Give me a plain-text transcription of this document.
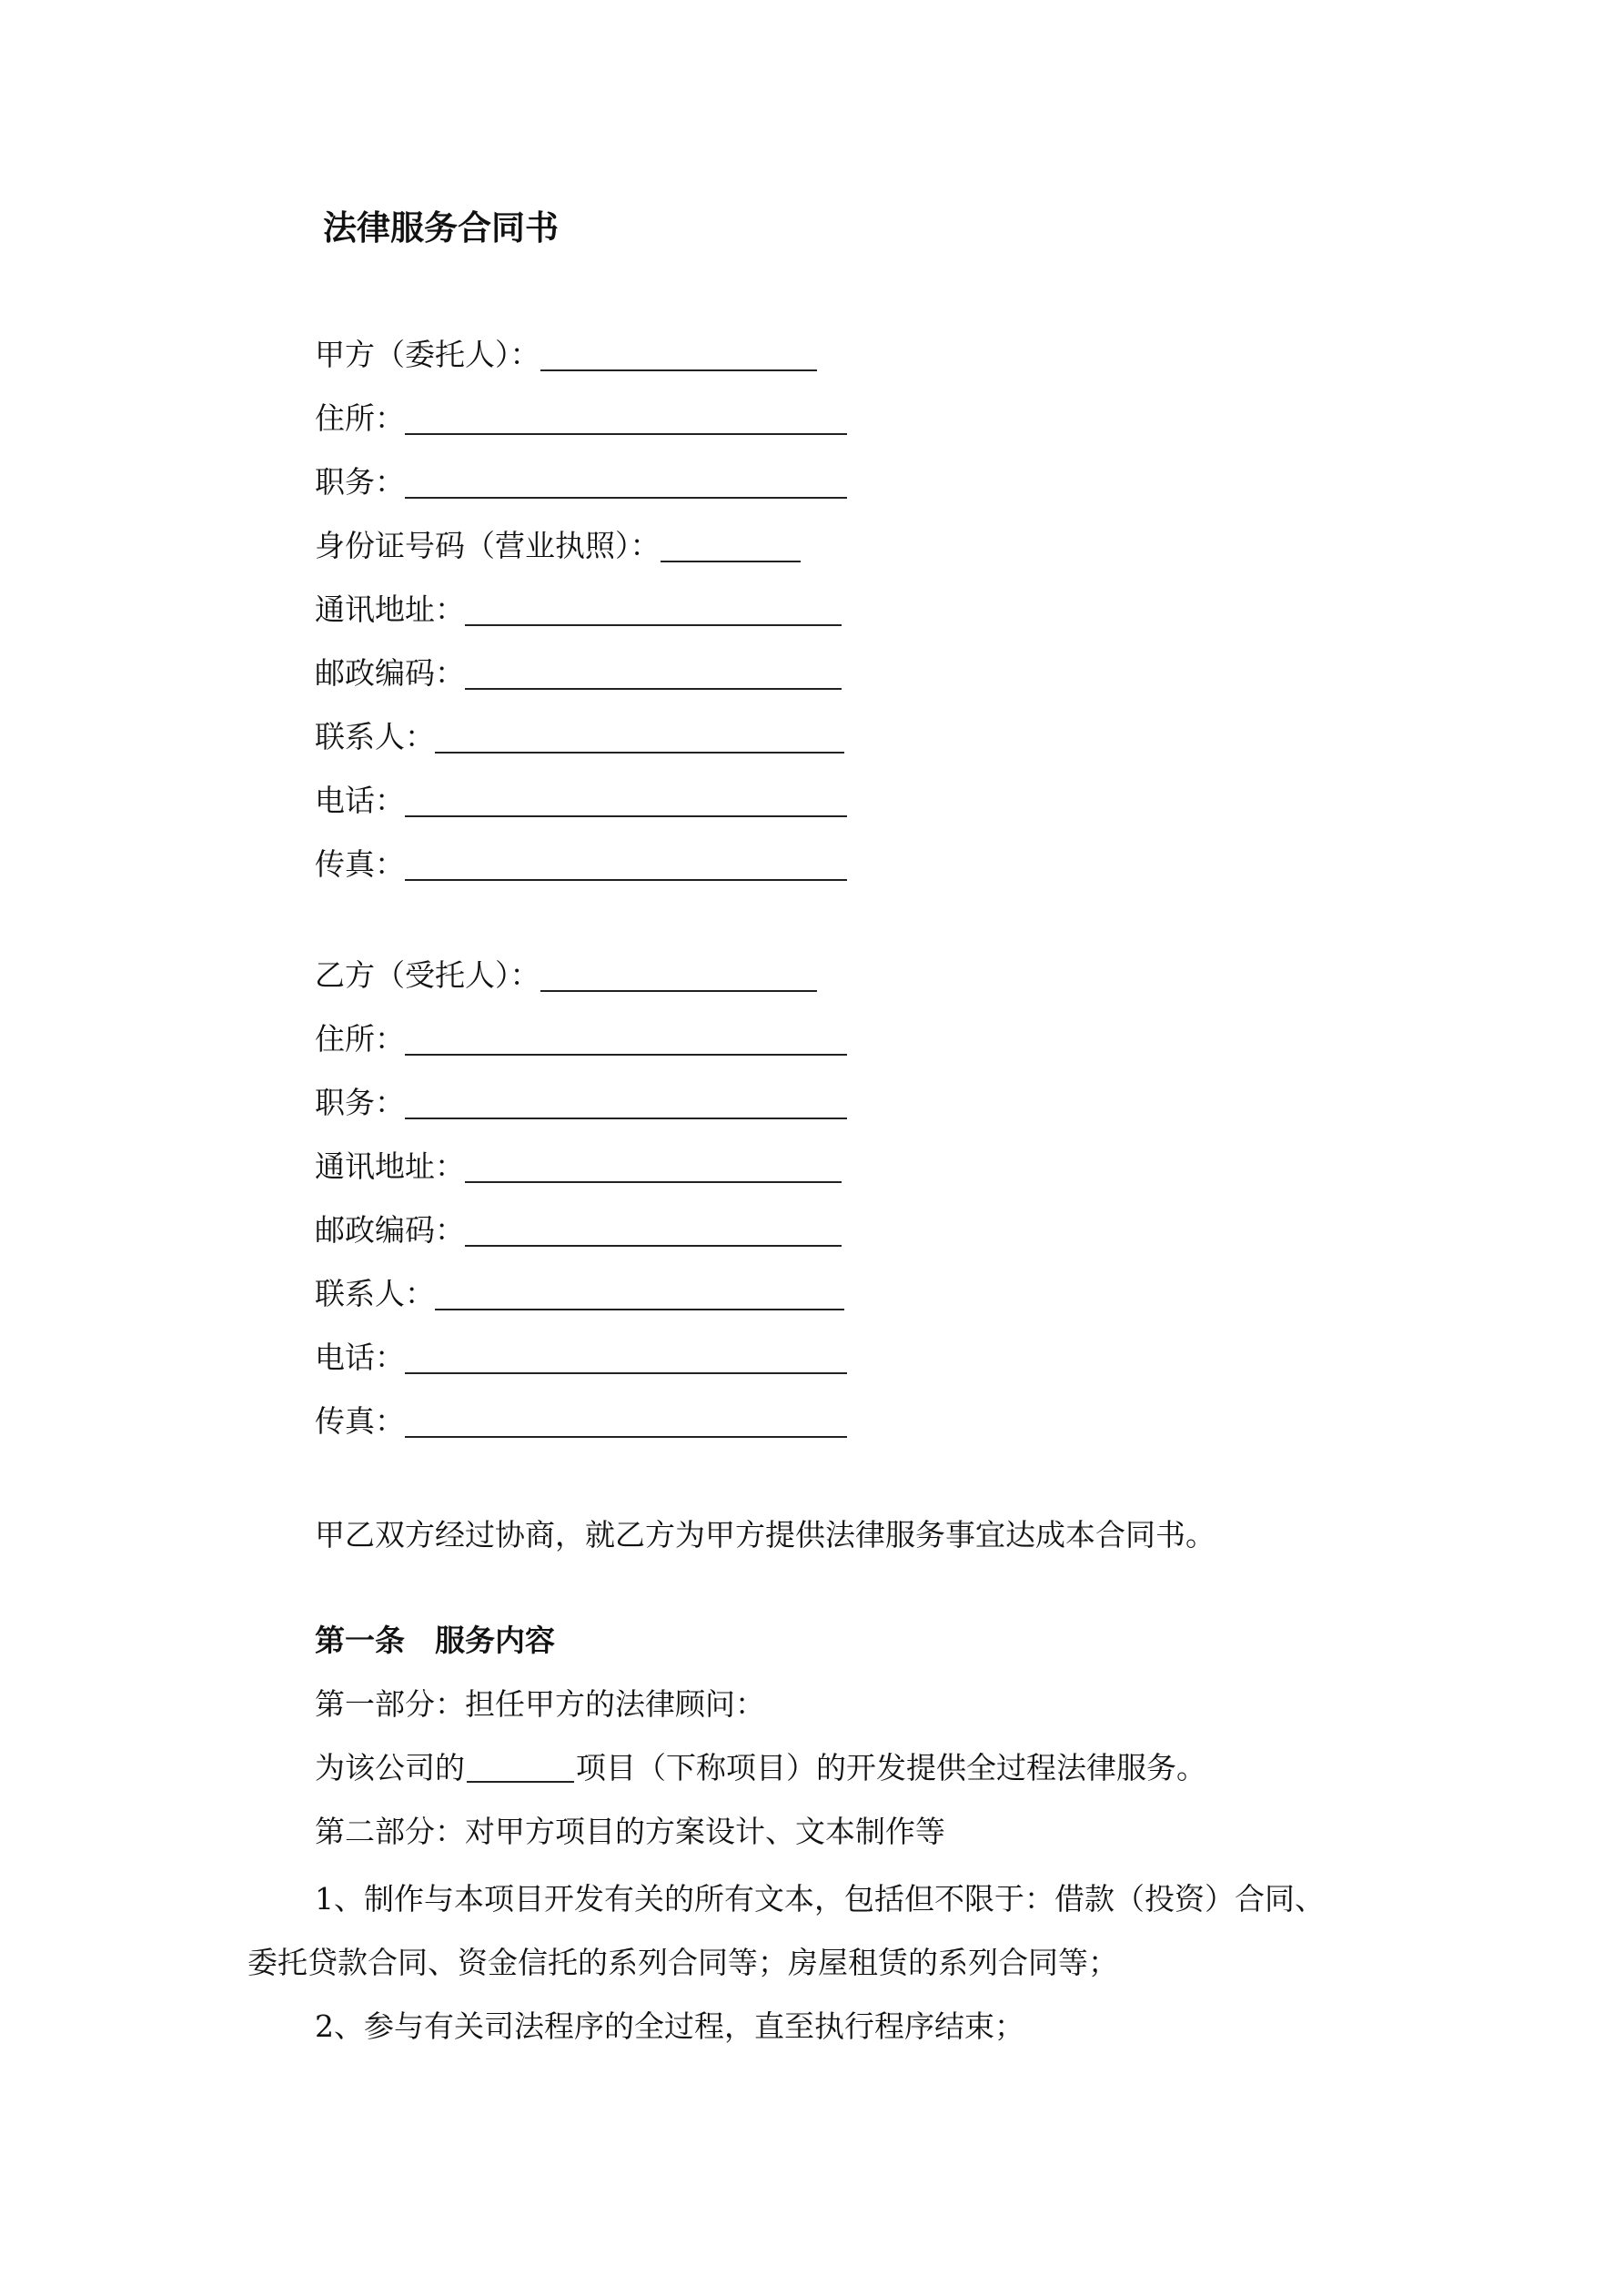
法律服务合同书
甲方（委托人）：
住所：
职务：
身份证号码（营业执照）：
通讯地址：
邮政编码：
联系人：
电话：
传真：
乙方（受托人）：
住所：
职务：
通讯地址：
邮政编码：
联系人：
电话：
传真：
甲乙双方经过协商，就乙方为甲方提供法律服务事宜达成本合同书。
第一条　服务内容
第一部分：担任甲方的法律顾问：
为该公司的	项目（下称项目）的开发提供全过程法律服务。
第二部分：对甲方项目的方案设计、文本制作等
1、制作与本项目开发有关的所有文本，包括但不限于：借款（投资）合同、
委托贷款合同、资金信托的系列合同等；房屋租赁的系列合同等；
2、参与有关司法程序的全过程，直至执行程序结束；
